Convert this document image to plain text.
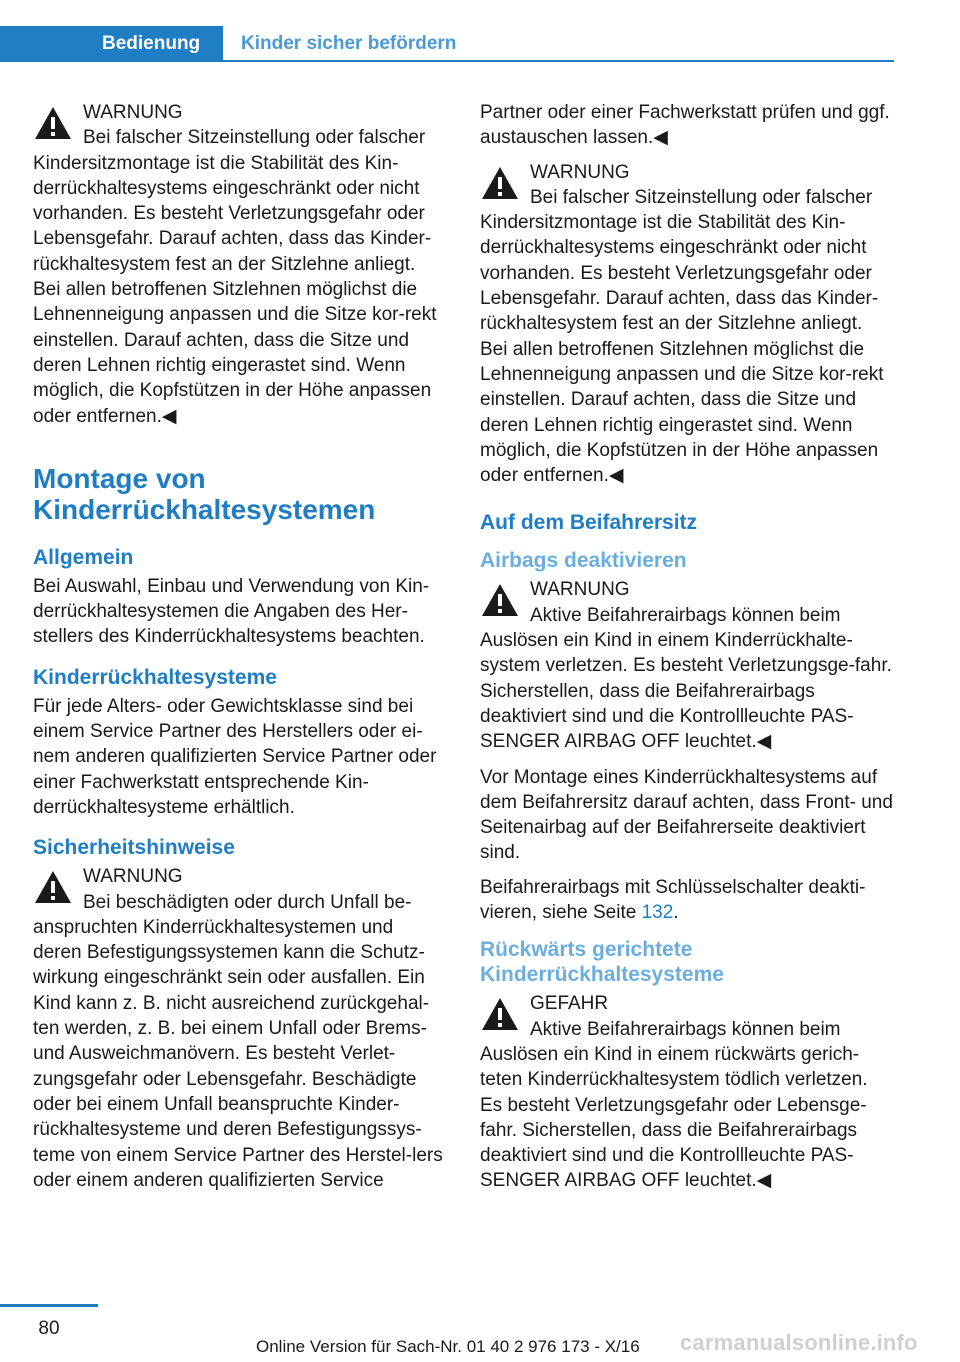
Bedienung	Kinder sicher befördern
WARNUNG
Bei falscher Sitzeinstellung oder falscher Kindersitzmontage ist die Stabilität des Kin-derrückhaltesystems eingeschränkt oder nicht vorhanden. Es besteht Verletzungsgefahr oder Lebensgefahr. Darauf achten, dass das Kinder-rückhaltesystem fest an der Sitzlehne anliegt. Bei allen betroffenen Sitzlehnen möglichst die Lehnenneigung anpassen und die Sitze kor-rekt einstellen. Darauf achten, dass die Sitze und deren Lehnen richtig eingerastet sind. Wenn möglich, die Kopfstützen in der Höhe anpassen oder entfernen.◀
Montage von Kinderrückhaltesystemen
Allgemein

Bei Auswahl, Einbau und Verwendung von Kin-derrückhaltesystemen die Angaben des Her-stellers des Kinderrückhaltesystems beachten.

Kinderrückhaltesysteme

Für jede Alters- oder Gewichtsklasse sind bei einem Service Partner des Herstellers oder ei-nem anderen qualifizierten Service Partner oder einer Fachwerkstatt entsprechende Kin-derrückhaltesysteme erhältlich.

Sicherheitshinweise
WARNUNG
Bei beschädigten oder durch Unfall be-anspruchten Kinderrückhaltesystemen und deren Befestigungssystemen kann die Schutz-wirkung eingeschränkt sein oder ausfallen. Ein Kind kann z. B. nicht ausreichend zurückgehal-ten werden, z. B. bei einem Unfall oder Brems- und Ausweichmanövern. Es besteht Verlet-zungsgefahr oder Lebensgefahr. Beschädigte oder bei einem Unfall beanspruchte Kinder-rückhaltesysteme und deren Befestigungssys-teme von einem Service Partner des Herstel-lers oder einem anderen qualifizierten Service

Partner oder einer Fachwerkstatt prüfen und ggf. austauschen lassen.◀

WARNUNG
Bei falscher Sitzeinstellung oder falscher Kindersitzmontage ist die Stabilität des Kin-derrückhaltesystems eingeschränkt oder nicht vorhanden. Es besteht Verletzungsgefahr oder Lebensgefahr. Darauf achten, dass das Kinder-rückhaltesystem fest an der Sitzlehne anliegt. Bei allen betroffenen Sitzlehnen möglichst die Lehnenneigung anpassen und die Sitze kor-rekt einstellen. Darauf achten, dass die Sitze und deren Lehnen richtig eingerastet sind. Wenn möglich, die Kopfstützen in der Höhe anpassen oder entfernen.◀
Auf dem Beifahrersitz
Airbags deaktivieren
WARNUNG
Aktive Beifahrerairbags können beim Auslösen ein Kind in einem Kinderrückhalte-system verletzen. Es besteht Verletzungsge-fahr. Sicherstellen, dass die Beifahrerairbags deaktiviert sind und die Kontrollleuchte PAS-SENGER AIRBAG OFF leuchtet.◀

Vor Montage eines Kinderrückhaltesystems auf dem Beifahrersitz darauf achten, dass Front- und Seitenairbag auf der Beifahrerseite deaktiviert sind.

Beifahrerairbags mit Schlüsselschalter deakti-vieren, siehe Seite 132.

Rückwärts gerichtete Kinderrückhaltesysteme
GEFAHR
Aktive Beifahrerairbags können beim Auslösen ein Kind in einem rückwärts gerich-teten Kinderrückhaltesystem tödlich verletzen. Es besteht Verletzungsgefahr oder Lebensge-fahr. Sicherstellen, dass die Beifahrerairbags deaktiviert sind und die Kontrollleuchte PAS-SENGER AIRBAG OFF leuchtet.◀
80
Online Version für Sach-Nr. 01 40 2 976 173 - X/16 carmanualsonline.info
